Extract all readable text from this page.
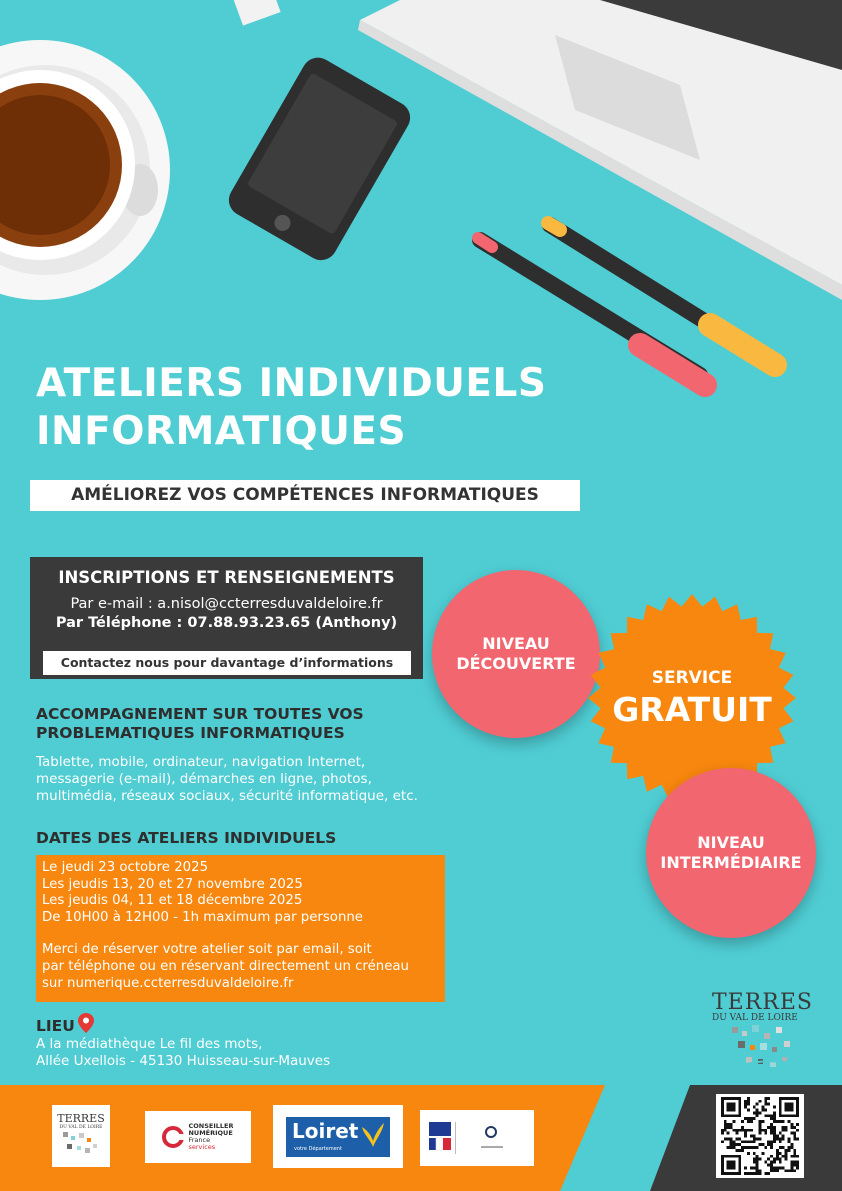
ATELIERS INDIVIDUELS
INFORMATIQUES
AMÉLIOREZ VOS COMPÉTENCES INFORMATIQUES
INSCRIPTIONS ET RENSEIGNEMENTS

Par e-mail : a.nisol@ccterresduvaldeloire.fr

Par Téléphone : 07.88.93.23.65 (Anthony)

Contactez nous pour davantage d’informations
ACCOMPAGNEMENT SUR TOUTES VOS
PROBLEMATIQUES INFORMATIQUES
Tablette, mobile, ordinateur, navigation Internet,
messagerie (e-mail), démarches en ligne, photos,
multimédia, réseaux sociaux, sécurité informatique, etc.
DATES DES ATELIERS INDIVIDUELS
Le jeudi 23 octobre 2025
Les jeudis 13, 20 et 27 novembre 2025
Les jeudis 04, 11 et 18 décembre 2025
De 10H00 à 12H00 - 1h maximum par personne
Merci de réserver votre atelier soit par email, soit
par téléphone ou en réservant directement un créneau
sur numerique.ccterresduvaldeloire.fr
LIEU
A la médiathèque Le fil des mots,
Allée Uxellois - 45130 Huisseau-sur-Mauves
NIVEAU
DÉCOUVERTE
SERVICE
GRATUIT
NIVEAU
INTERMÉDIAIRE
TERRES
DU VAL DE LOIRE
TERRES
DU VAL DE LOIRE	CONSEILLER
NUMÉRIQUE
France
services
Loiret
votre Département
